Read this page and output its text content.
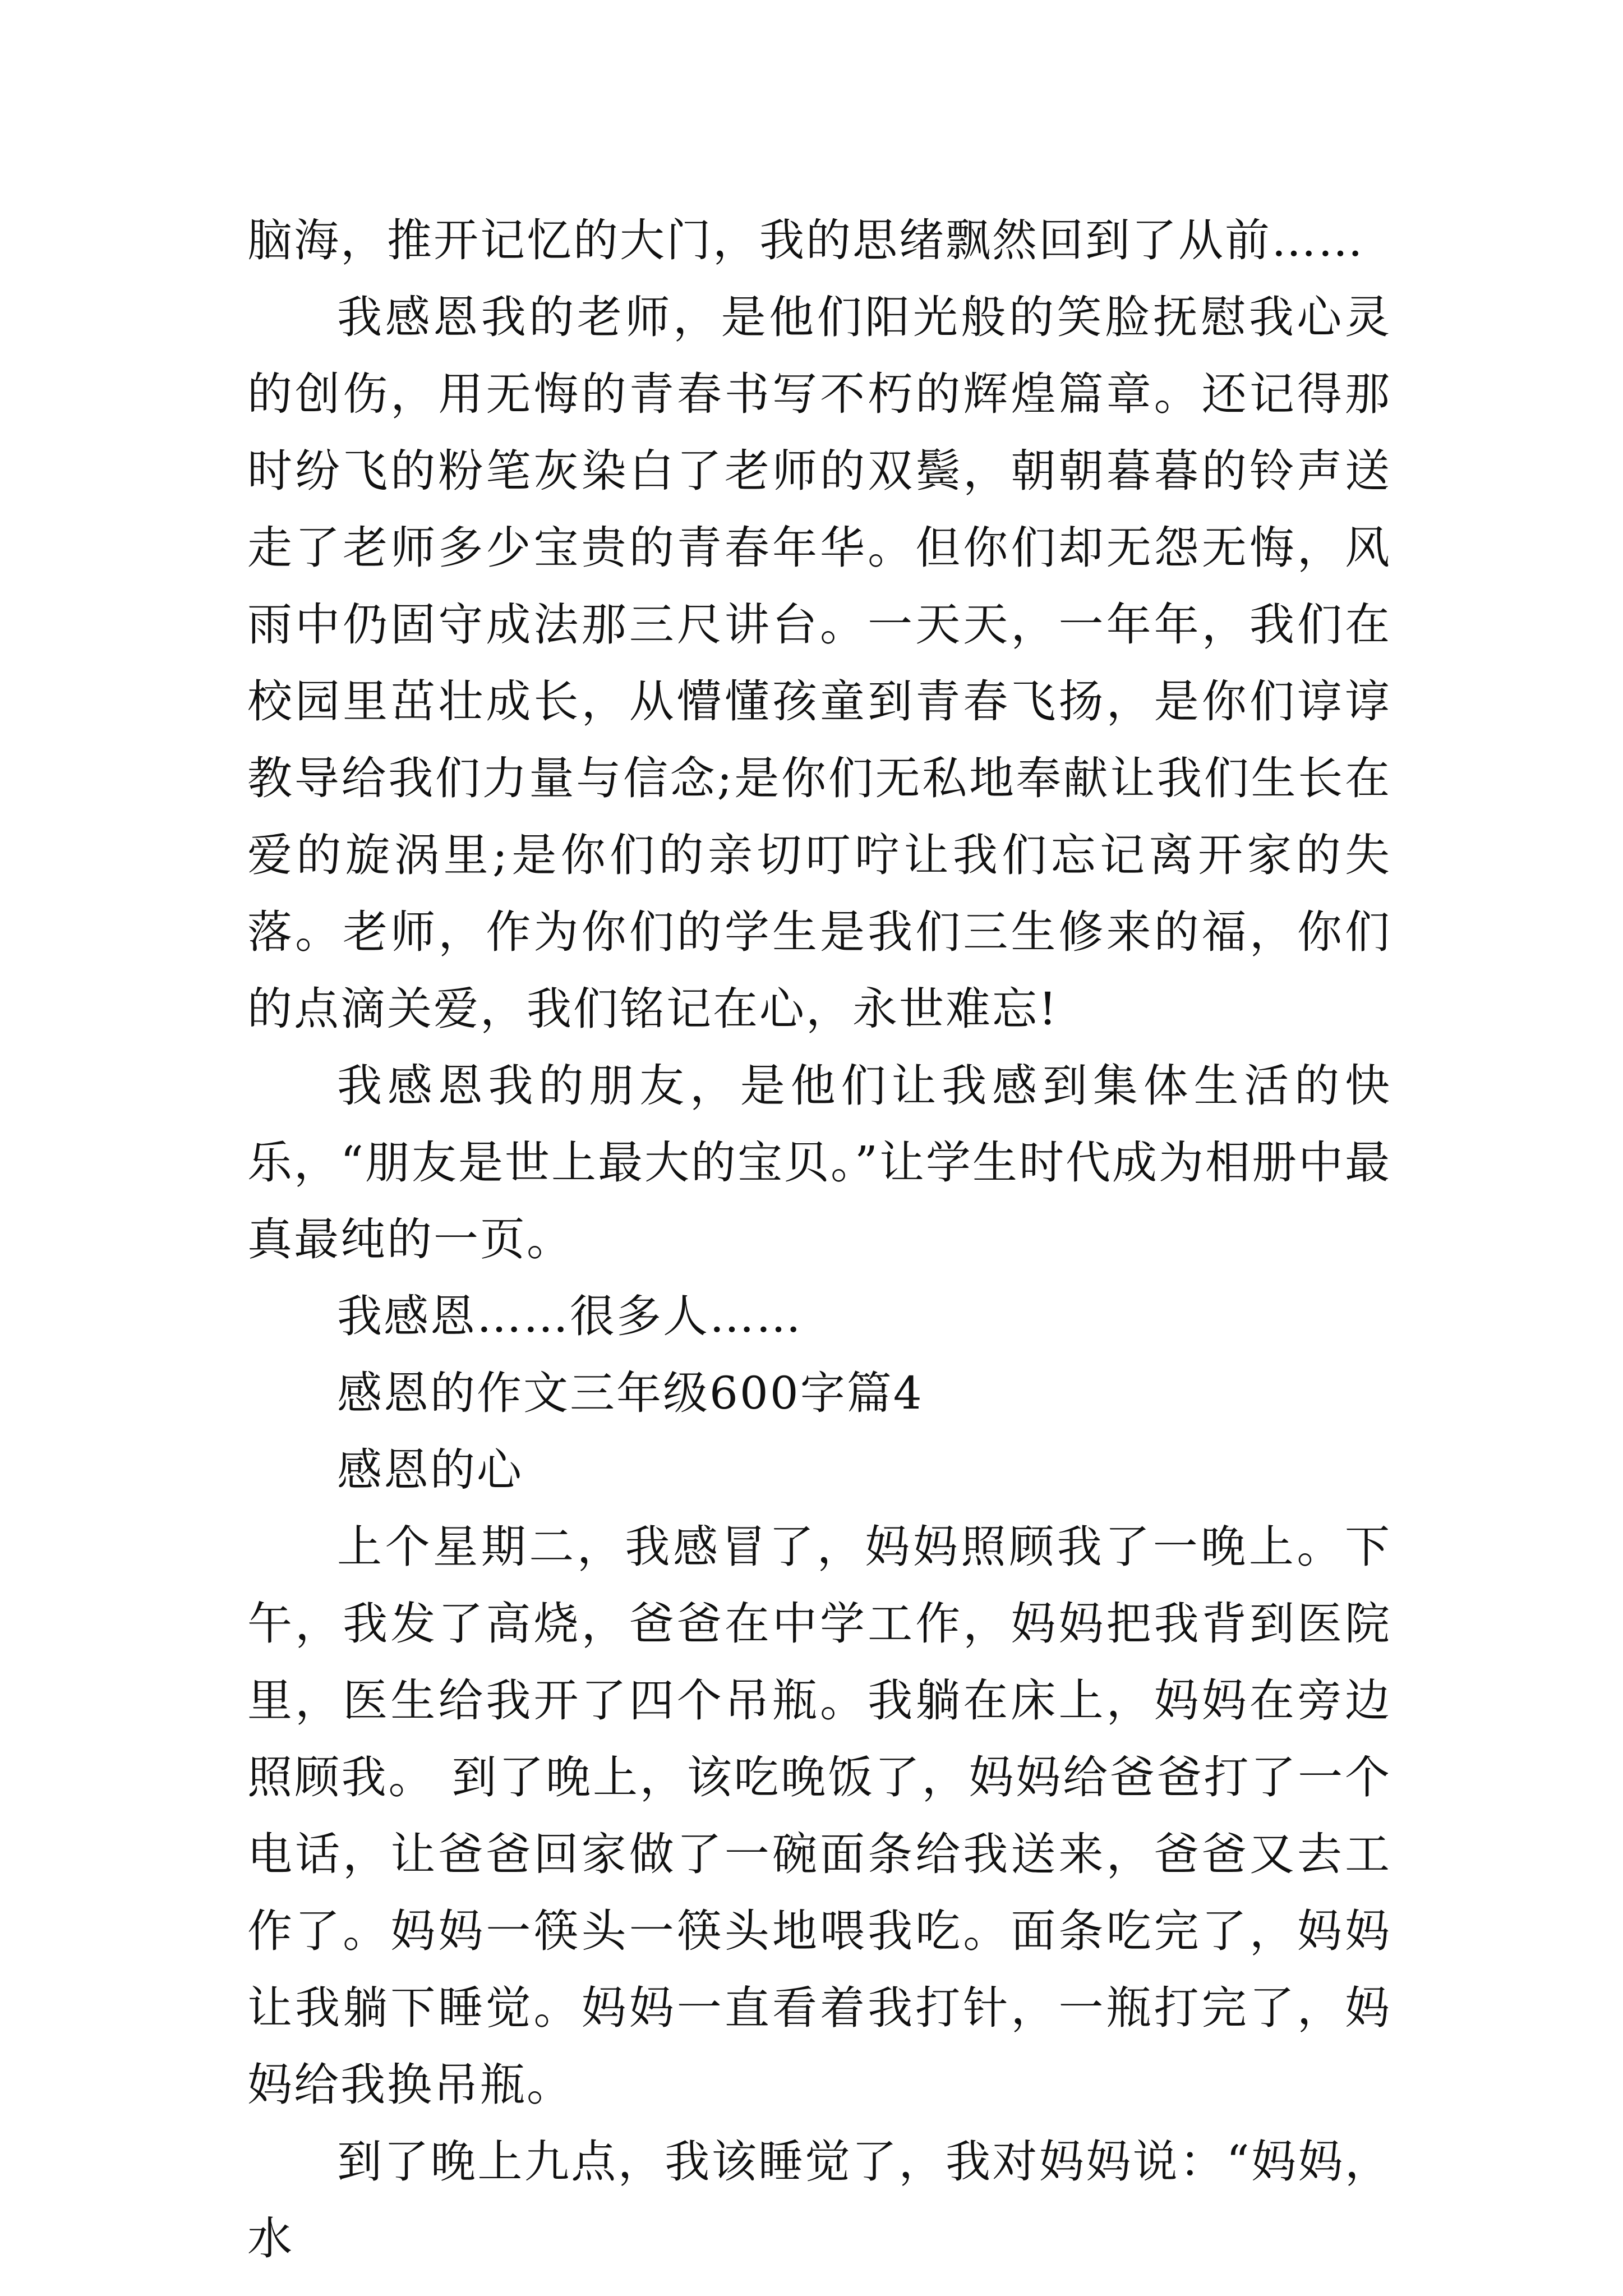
脑海，推开记忆的大门，我的思绪飘然回到了从前……

我感恩我的老师，是他们阳光般的笑脸抚慰我心灵的创伤，用无悔的青春书写不朽的辉煌篇章。还记得那时纷飞的粉笔灰染白了老师的双鬓，朝朝暮暮的铃声送走了老师多少宝贵的青春年华。但你们却无怨无悔，风雨中仍固守成法那三尺讲台。一天天，一年年，我们在校园里茁壮成长，从懵懂孩童到青春飞扬，是你们谆谆教导给我们力量与信念;是你们无私地奉献让我们生长在爱的旋涡里;是你们的亲切叮咛让我们忘记离开家的失落。老师，作为你们的学生是我们三生修来的福，你们的点滴关爱，我们铭记在心，永世难忘!

我感恩我的朋友，是他们让我感到集体生活的快乐，“朋友是世上最大的宝贝。”让学生时代成为相册中最真最纯的一页。

我感恩……很多人……

感恩的作文三年级600字篇4

感恩的心

上个星期二，我感冒了，妈妈照顾我了一晚上。下午，我发了高烧，爸爸在中学工作，妈妈把我背到医院里，医生给我开了四个吊瓶。我躺在床上，妈妈在旁边照顾我。 到了晚上，该吃晚饭了，妈妈给爸爸打了一个电话，让爸爸回家做了一碗面条给我送来，爸爸又去工作了。妈妈一筷头一筷头地喂我吃。面条吃完了，妈妈让我躺下睡觉。妈妈一直看着我打针，一瓶打完了，妈妈给我换吊瓶。

到了晚上九点，我该睡觉了，我对妈妈说：“妈妈，水
